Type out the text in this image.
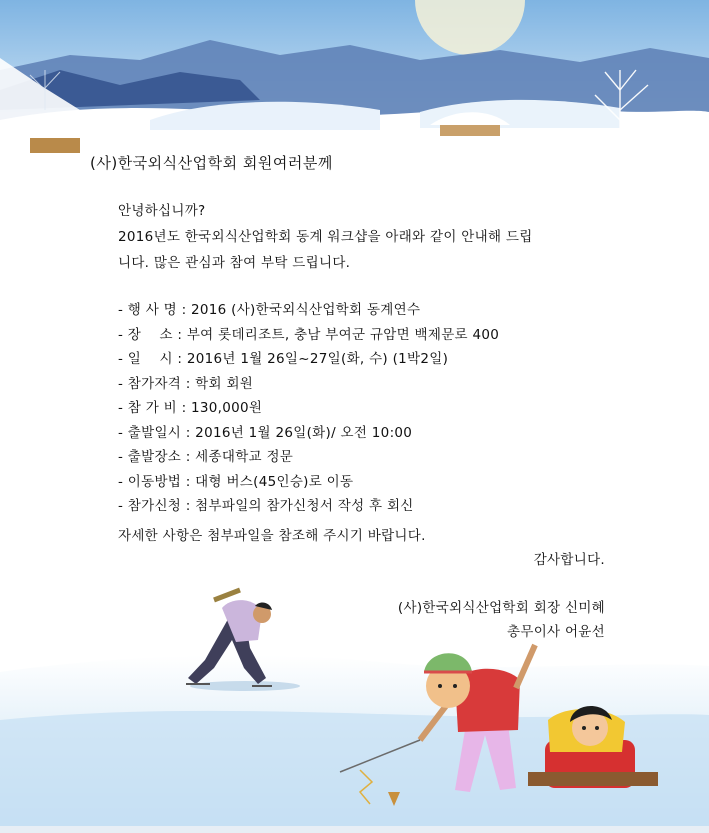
(사)한국외식산업학회 회원여러분께
안녕하십니까?
2016년도 한국외식산업학회 동계 워크샵을 아래와 같이 안내해 드립
니다. 많은 관심과 참여 부탁 드립니다.
- 행 사 명 : 2016 (사)한국외식산업학회 동계연수
- 장    소 : 부여 롯데리조트, 충남 부여군 규암면 백제문로 400
- 일    시 : 2016년 1월 26일~27일(화, 수) (1박2일)
- 참가자격 : 학회 회원
- 참 가 비 : 130,000원
- 출발일시 : 2016년 1월 26일(화)/ 오전 10:00
- 출발장소 : 세종대학교 정문
- 이동방법 : 대형 버스(45인승)로 이동
- 참가신청 : 첨부파일의 참가신청서 작성 후 회신
자세한 사항은 첨부파일을 참조해 주시기 바랍니다.
감사합니다.
(사)한국외식산업학회 회장 신미혜
총무이사 어윤선
